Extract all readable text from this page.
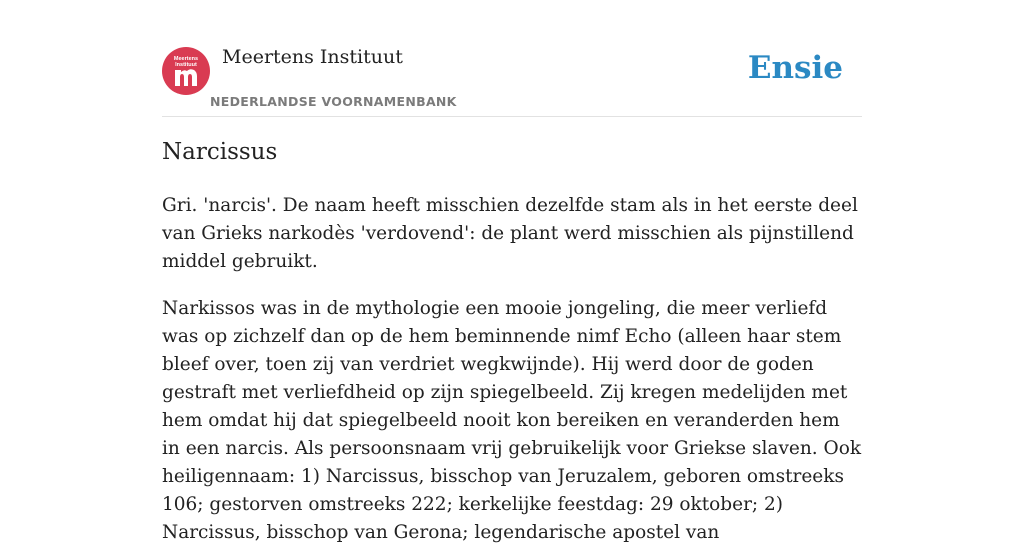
Meertens
Instituut	Meertens Instituut
NEDERLANDSE VOORNAMENBANK
Ensie
Narcissus

Gri. 'narcis'. De naam heeft misschien dezelfde stam als in het eerste deel van Grieks narkodès 'verdovend': de plant werd misschien als pijnstillend middel gebruikt.

Narkissos was in de mythologie een mooie jongeling, die meer verliefd was op zichzelf dan op de hem beminnende nimf Echo (alleen haar stem bleef over, toen zij van verdriet wegkwijnde). Hij werd door de goden gestraft met verliefdheid op zijn spiegelbeeld. Zij kregen medelijden met hem omdat hij dat spiegelbeeld nooit kon bereiken en veranderden hem in een narcis. Als persoonsnaam vrij gebruikelijk voor Griekse slaven. Ook heiligennaam: 1) Narcissus, bisschop van Jeruzalem, geboren omstreeks 106; gestorven omstreeks 222; kerkelijke feestdag: 29 oktober; 2) Narcissus, bisschop van Gerona; legendarische apostel van
